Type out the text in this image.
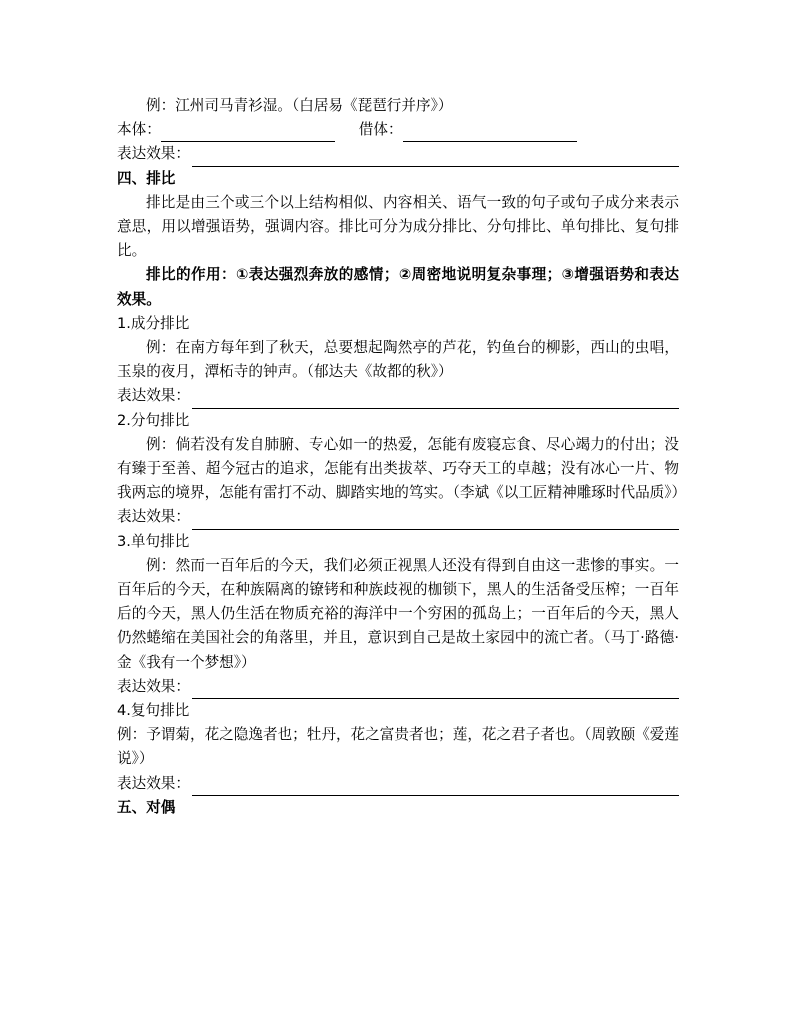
例：江州司马青衫湿。（白居易《琵琶行并序》）
本体：	借体：
表达效果：
四、排比
排比是由三个或三个以上结构相似、内容相关、语气一致的句子或句子成分来表示意思，用以增强语势，强调内容。排比可分为成分排比、分句排比、单句排比、复句排比。
排比的作用：①表达强烈奔放的感情；②周密地说明复杂事理；③增强语势和表达效果。
1.成分排比
例：在南方每年到了秋天，总要想起陶然亭的芦花，钓鱼台的柳影，西山的虫唱，玉泉的夜月，潭柘寺的钟声。（郁达夫《故都的秋》）
表达效果：
2.分句排比
例：倘若没有发自肺腑、专心如一的热爱，怎能有废寝忘食、尽心竭力的付出；没有臻于至善、超今冠古的追求，怎能有出类拔萃、巧夺天工的卓越；没有冰心一片、物我两忘的境界，怎能有雷打不动、脚踏实地的笃实。（李斌《以工匠精神雕琢时代品质》）
表达效果：
3.单句排比
例：然而一百年后的今天，我们必须正视黑人还没有得到自由这一悲惨的事实。一百年后的今天，在种族隔离的镣铐和种族歧视的枷锁下，黑人的生活备受压榨；一百年后的今天，黑人仍生活在物质充裕的海洋中一个穷困的孤岛上；一百年后的今天，黑人仍然蜷缩在美国社会的角落里，并且，意识到自己是故土家园中的流亡者。（马丁·路德·金《我有一个梦想》）
表达效果：
4.复句排比
例：予谓菊，花之隐逸者也；牡丹，花之富贵者也；莲，花之君子者也。（周敦颐《爱莲说》）
表达效果：
五、对偶
